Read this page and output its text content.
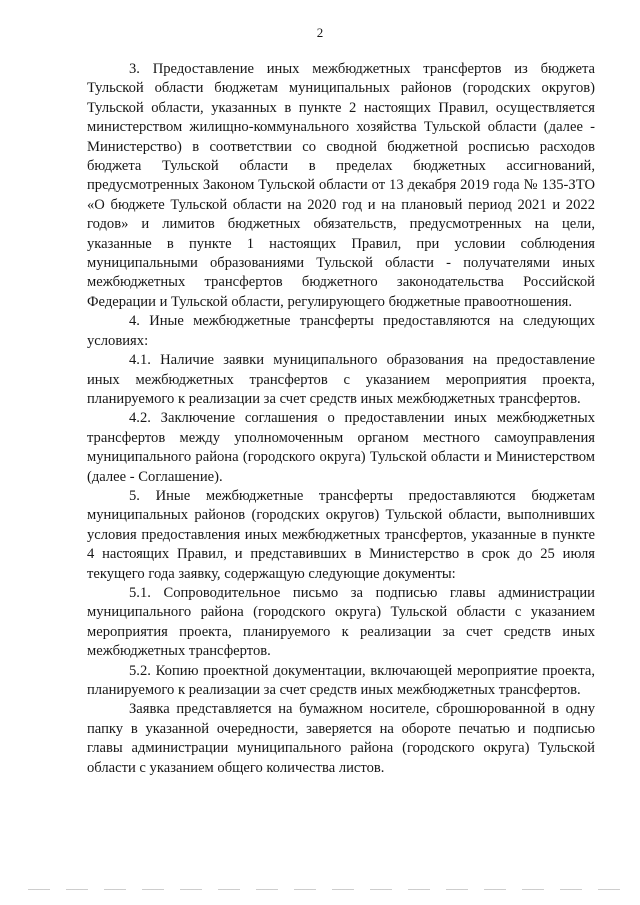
2

3. Предоставление иных межбюджетных трансфертов из бюджета Тульской области бюджетам муниципальных районов (городских округов) Тульской области, указанных в пункте 2 настоящих Правил, осуществляется министерством жилищно-коммунального хозяйства Тульской области (далее - Министерство) в соответствии со сводной бюджетной росписью расходов бюджета Тульской области в пределах бюджетных ассигнований, предусмотренных Законом Тульской области от 13 декабря 2019 года № 135-ЗТО «О бюджете Тульской области на 2020 год и на плановый период 2021 и 2022 годов» и лимитов бюджетных обязательств, предусмотренных на цели, указанные в пункте 1 настоящих Правил, при условии соблюдения муниципальными образованиями Тульской области - получателями иных межбюджетных трансфертов бюджетного законодательства Российской Федерации и Тульской области, регулирующего бюджетные правоотношения.

4. Иные межбюджетные трансферты предоставляются на следующих условиях:

4.1. Наличие заявки муниципального образования на предоставление иных межбюджетных трансфертов с указанием мероприятия проекта, планируемого к реализации за счет средств иных межбюджетных трансфертов.

4.2. Заключение соглашения о предоставлении иных межбюджетных трансфертов между уполномоченным органом местного самоуправления муниципального района (городского округа) Тульской области и Министерством (далее - Соглашение).

5. Иные межбюджетные трансферты предоставляются бюджетам муниципальных районов (городских округов) Тульской области, выполнивших условия предоставления иных межбюджетных трансфертов, указанные в пункте 4 настоящих Правил, и представивших в Министерство в срок до 25 июля текущего года заявку, содержащую следующие документы:

5.1. Сопроводительное письмо за подписью главы администрации муниципального района (городского округа) Тульской области с указанием мероприятия проекта, планируемого к реализации за счет средств иных межбюджетных трансфертов.

5.2. Копию проектной документации, включающей мероприятие проекта, планируемого к реализации за счет средств иных межбюджетных трансфертов.

Заявка представляется на бумажном носителе, сброшюрованной в одну папку в указанной очередности, заверяется на обороте печатью и подписью главы администрации муниципального района (городского округа) Тульской области с указанием общего количества листов.
